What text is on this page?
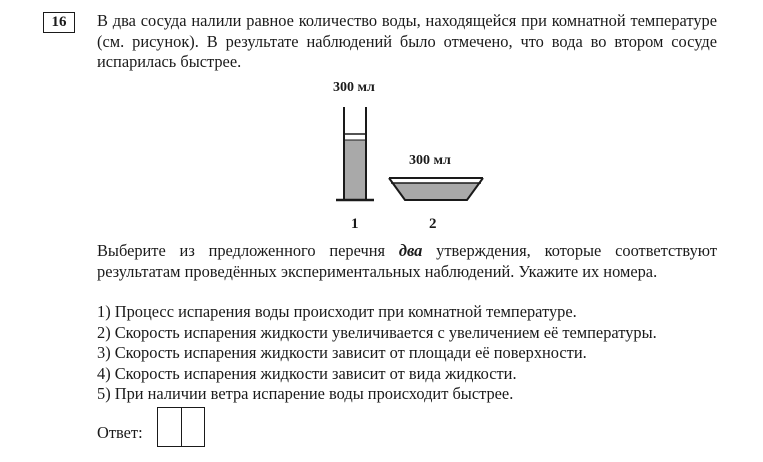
16	В два сосуда налили равное количество воды, находящейся при комнатной температуре (см. рисунок). В результате наблюдений было отмечено, что вода во втором сосуде испарилась быстрее.
300 мл
1
300 мл
2
Выберите из предложенного перечня два утверждения, которые соответствуют результатам проведённых экспериментальных наблюдений. Укажите их номера.
1) Процесс испарения воды происходит при комнатной температуре.
2) Скорость испарения жидкости увеличивается с увеличением её температуры.
3) Скорость испарения жидкости зависит от площади её поверхности.
4) Скорость испарения жидкости зависит от вида жидкости.
5) При наличии ветра испарение воды происходит быстрее.
Ответ:
